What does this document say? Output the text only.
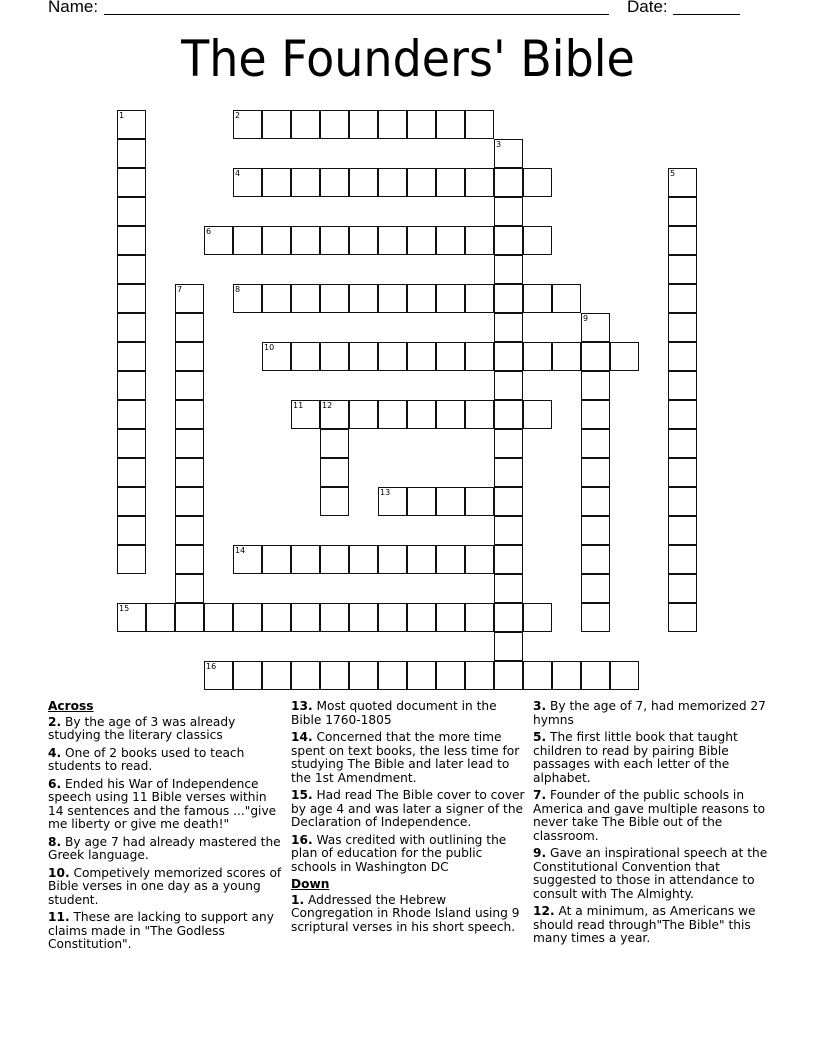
Name:	Date:
The Founders' Bible
1	2
3
4	5
6
7	8
9
10
11 12
13
14
15
16
Across
2. By the age of 3 was already studying the literary classics
4. One of 2 books used to teach students to read.
6. Ended his War of Independence speech using 11 Bible verses within 14 sentences and the famous ..."give me liberty or give me death!"
8. By age 7 had already mastered the Greek language.
10. Competively memorized scores of Bible verses in one day as a young student.
11. These are lacking to support any claims made in "The Godless Constitution".
13. Most quoted document in the Bible 1760-1805
14. Concerned that the more time spent on text books, the less time for studying The Bible and later lead to the 1st Amendment.
15. Had read The Bible cover to cover by age 4 and was later a signer of the Declaration of Independence.
16. Was credited with outlining the plan of education for the public schools in Washington DC
Down
1. Addressed the Hebrew Congregation in Rhode Island using 9 scriptural verses in his short speech.
3. By the age of 7, had memorized 27 hymns
5. The first little book that taught children to read by pairing Bible passages with each letter of the alphabet.
7. Founder of the public schools in America and gave multiple reasons to never take The Bible out of the classroom.
9. Gave an inspirational speech at the Constitutional Convention that suggested to those in attendance to consult with The Almighty.
12. At a minimum, as Americans we should read through"The Bible" this many times a year.
